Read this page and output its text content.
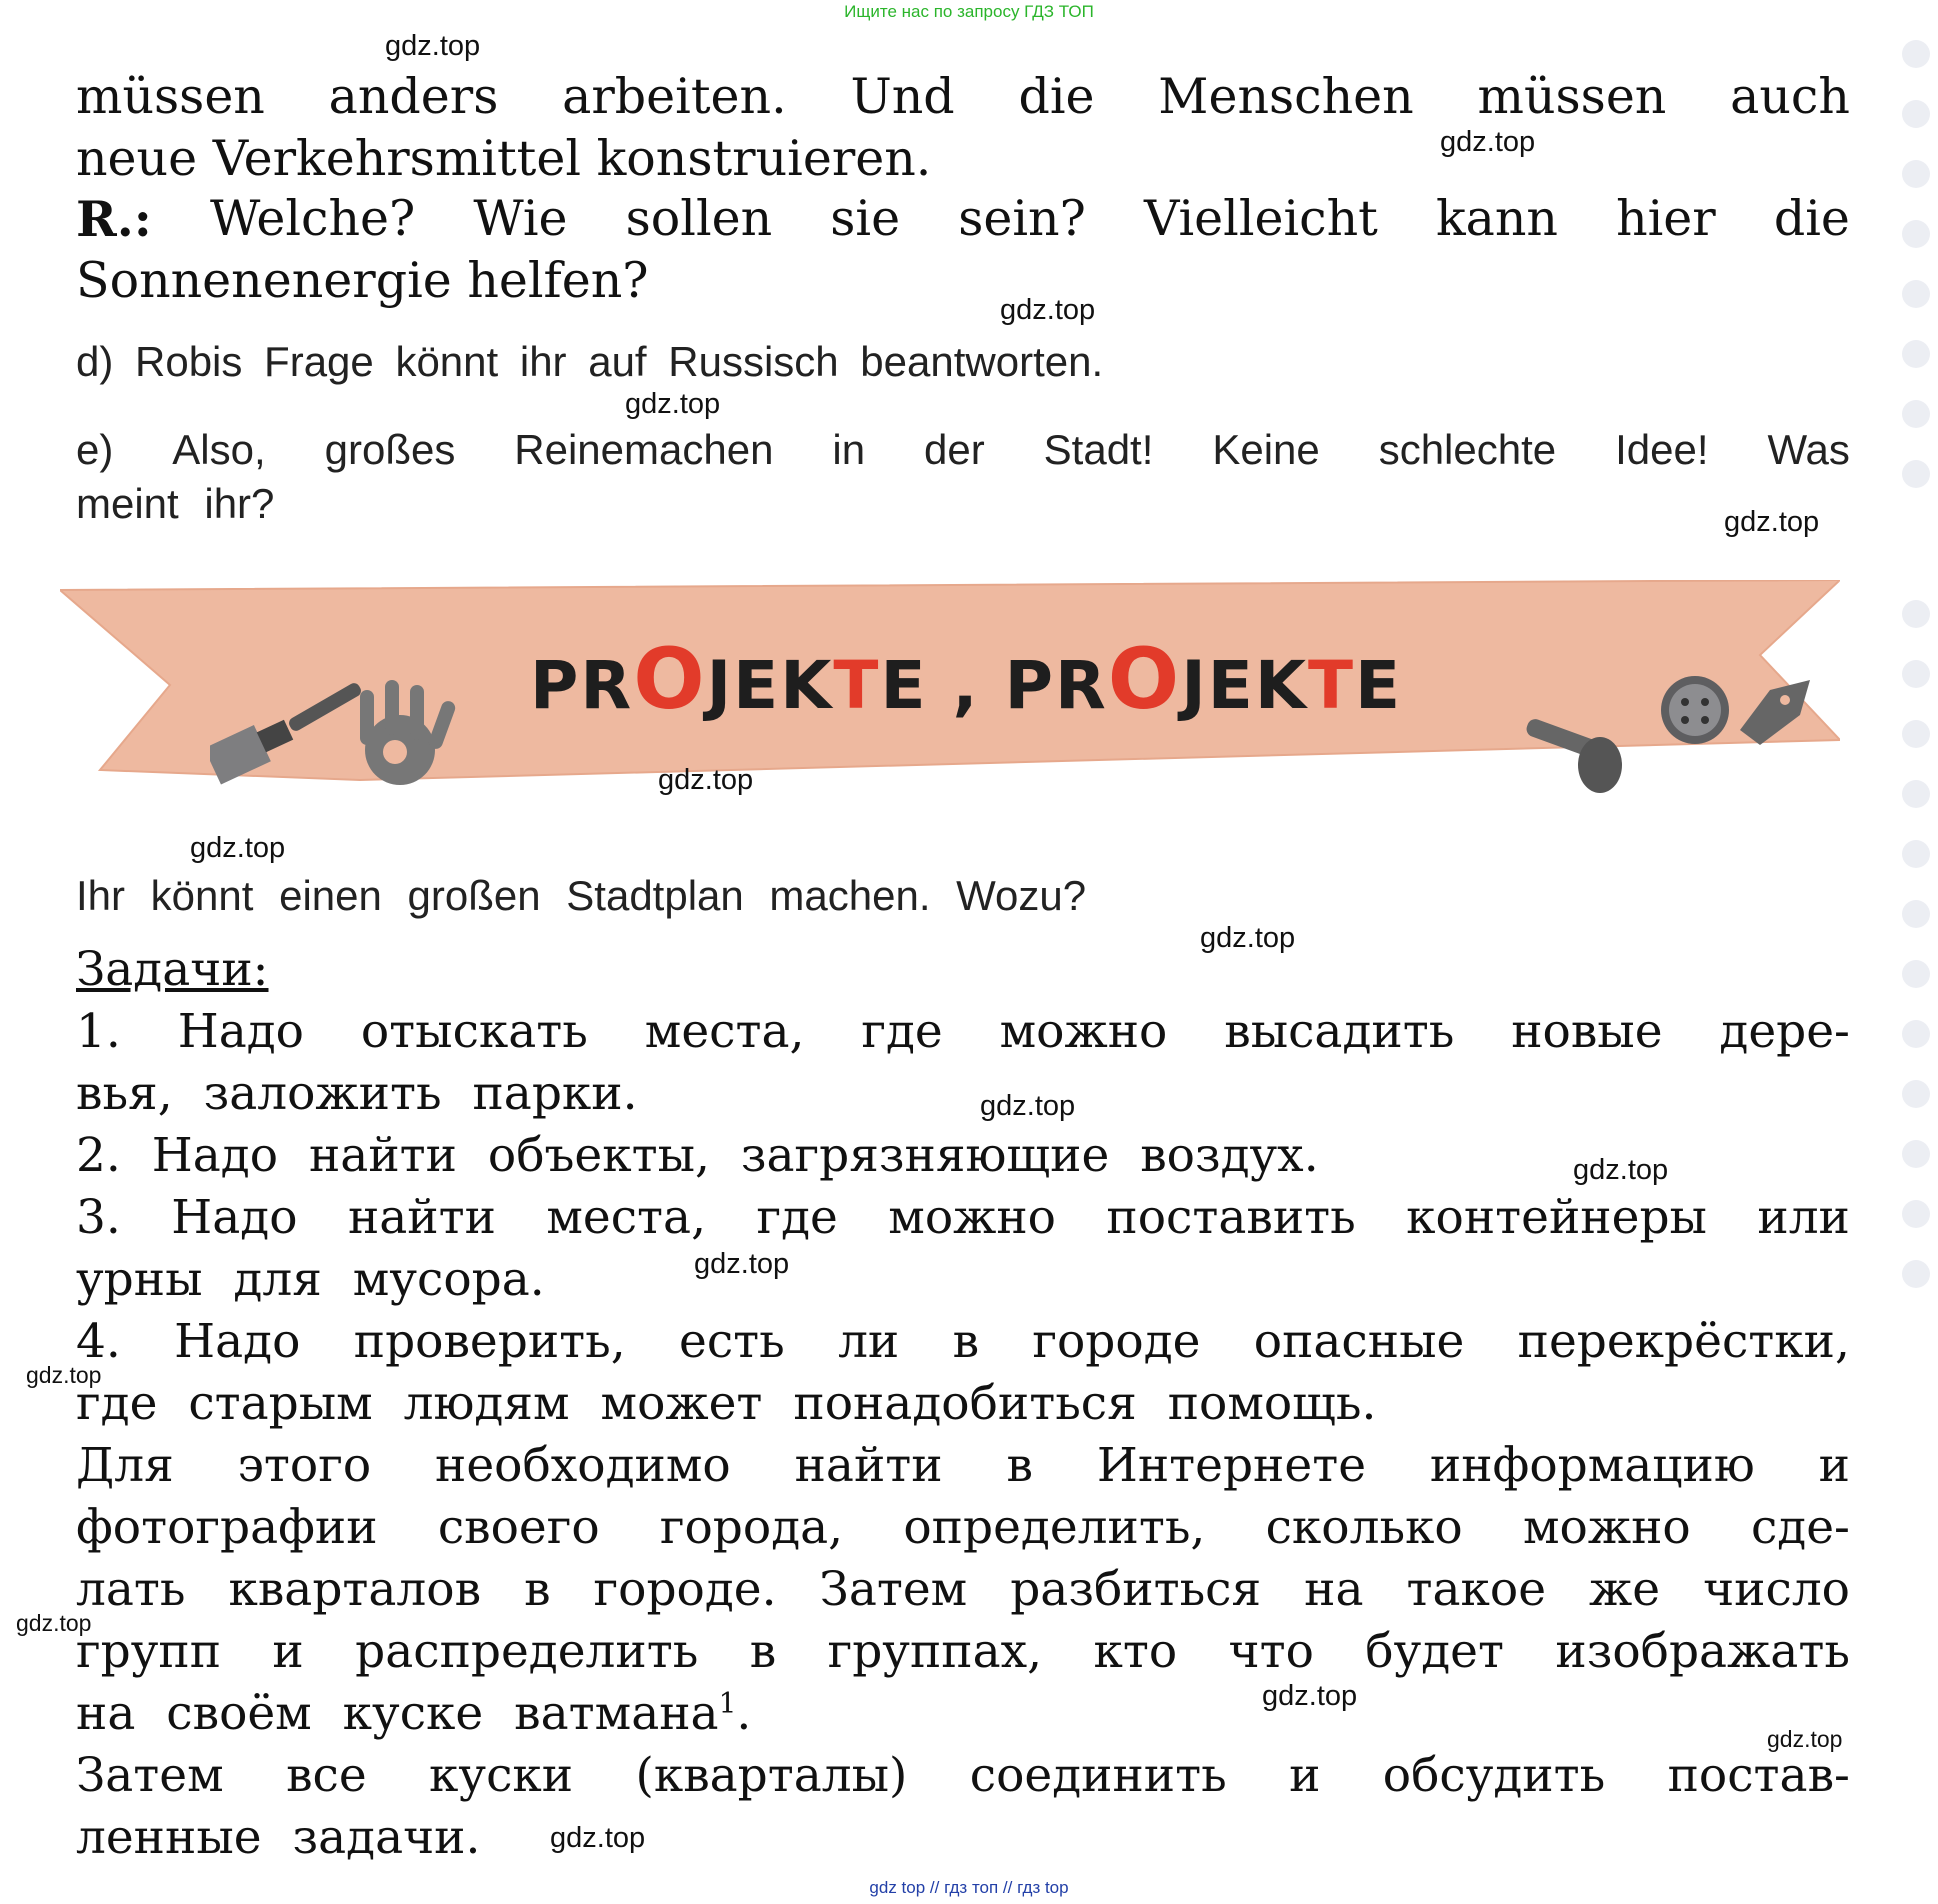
Ищите нас по запросу ГДЗ ТОП
müssen anders arbeiten. Und die Menschen müssen auch
neue Verkehrsmittel konstruieren.
R.: Welche? Wie sollen sie sein? Vielleicht kann hier die
Sonnenenergie helfen?
d) Robis Frage könnt ihr auf Russisch beantworten.
e) Also, großes Reinemachen in der Stadt! Keine schlechte Idee! Was
meint ihr?
PROJEKTE , PROJEKTE
Ihr könnt einen großen Stadtplan machen. Wozu?
Задачи:
1. Надо отыскать места, где можно высадить новые дере-
вья, заложить парки.
2. Надо найти объекты, загрязняющие воздух.
3. Надо найти места, где можно поставить контейнеры или
урны для мусора.
4. Надо проверить, есть ли в городе опасные перекрёстки,
где старым людям может понадобиться помощь.
Для этого необходимо найти в Интернете информацию и
фотографии своего города, определить, сколько можно сде-
лать кварталов в городе. Затем разбиться на такое же число
групп и распределить в группах, кто что будет изображать
на своём куске ватмана$^1$.
Затем все куски (кварталы) соединить и обсудить постав-
ленные задачи.
gdz.top
gdz.top
gdz.top
gdz.top
gdz.top
gdz.top
gdz.top
gdz.top
gdz.top
gdz.top
gdz.top
gdz.top
gdz.top
gdz.top
gdz.top
gdz.top
gdz top // гдз топ // гдз top
